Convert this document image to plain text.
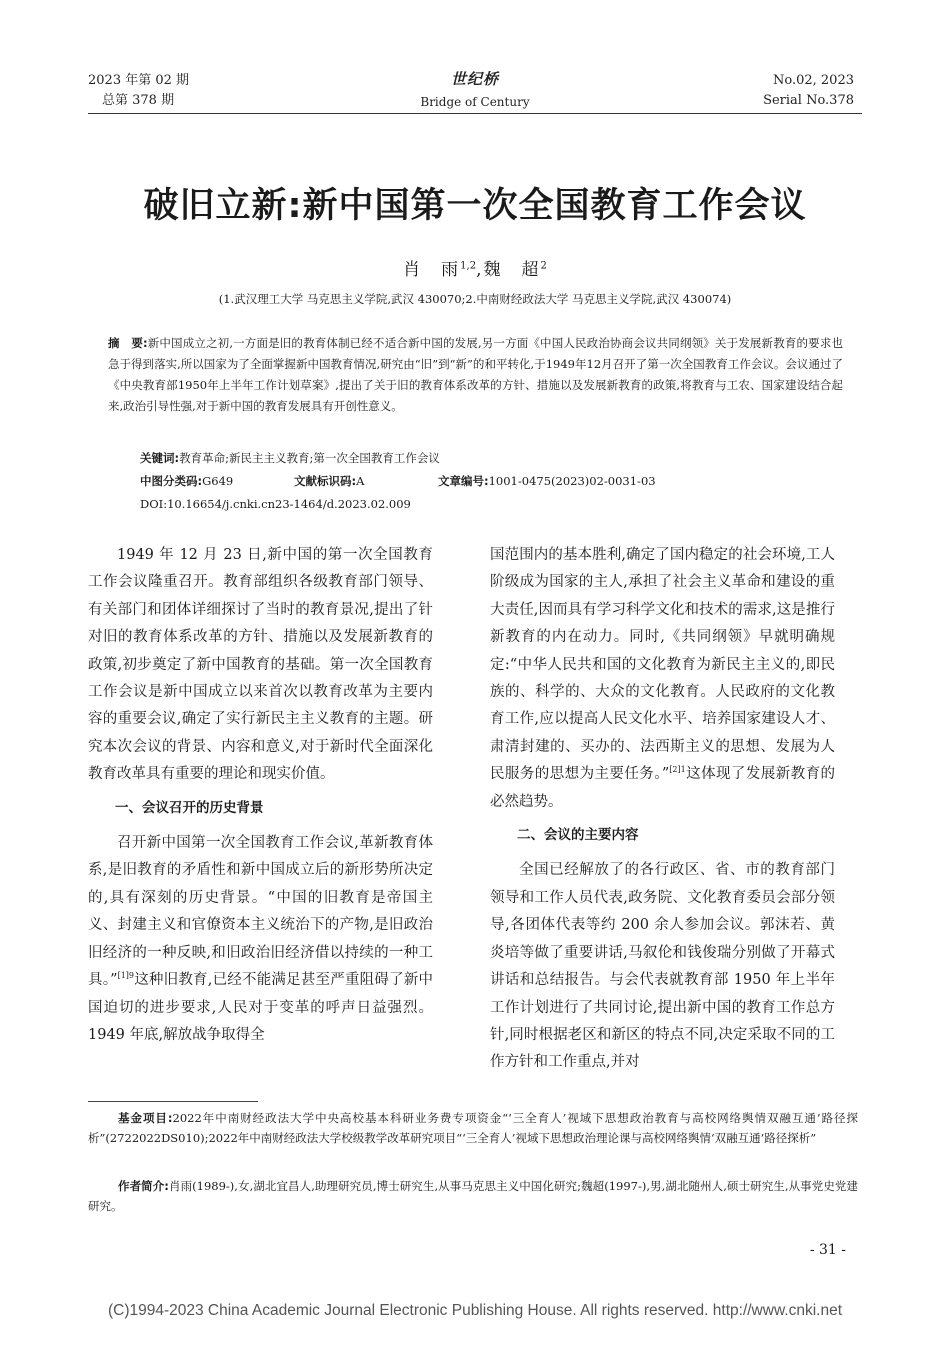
2023 年第 02 期
总第 378 期
世纪桥
Bridge of Century
No.02, 2023
Serial No.378
破旧立新:新中国第一次全国教育工作会议
肖　雨$^{1,2}$,魏　超$^2$
(1.武汉理工大学 马克思主义学院,武汉 430070;2.中南财经政法大学 马克思主义学院,武汉 430074)
摘　要:新中国成立之初,一方面是旧的教育体制已经不适合新中国的发展,另一方面《中国人民政治协商会议共同纲领》关于发展新教育的要求也急于得到落实,所以国家为了全面掌握新中国教育情况,研究由“旧”到“新”的和平转化,于1949年12月召开了第一次全国教育工作会议。会议通过了《中央教育部1950年上半年工作计划草案》,提出了关于旧的教育体系改革的方针、措施以及发展新教育的政策,将教育与工农、国家建设结合起来,政治引导性强,对于新中国的教育发展具有开创性意义。
关键词:教育革命;新民主主义教育;第一次全国教育工作会议
中图分类码:G649	文献标识码:A	文章编号:1001-0475(2023)02-0031-03
DOI:10.16654/j.cnki.cn23-1464/d.2023.02.009

1949 年 12 月 23 日,新中国的第一次全国教育工作会议隆重召开。教育部组织各级教育部门领导、有关部门和团体详细探讨了当时的教育景况,提出了针对旧的教育体系改革的方针、措施以及发展新教育的政策,初步奠定了新中国教育的基础。第一次全国教育工作会议是新中国成立以来首次以教育改革为主要内容的重要会议,确定了实行新民主主义教育的主题。研究本次会议的背景、内容和意义,对于新时代全面深化教育改革具有重要的理论和现实价值。

一、会议召开的历史背景

召开新中国第一次全国教育工作会议,革新教育体系,是旧教育的矛盾性和新中国成立后的新形势所决定的,具有深刻的历史背景。“中国的旧教育是帝国主义、封建主义和官僚资本主义统治下的产物,是旧政治旧经济的一种反映,和旧政治旧经济借以持续的一种工具。”$^{[1]9}$这种旧教育,已经不能满足甚至严重阻碍了新中国迫切的进步要求,人民对于变革的呼声日益强烈。1949 年底,解放战争取得全

国范围内的基本胜利,确定了国内稳定的社会环境,工人阶级成为国家的主人,承担了社会主义革命和建设的重大责任,因而具有学习科学文化和技术的需求,这是推行新教育的内在动力。同时,《共同纲领》早就明确规定:“中华人民共和国的文化教育为新民主主义的,即民族的、科学的、大众的文化教育。人民政府的文化教育工作,应以提高人民文化水平、培养国家建设人才、肃清封建的、买办的、法西斯主义的思想、发展为人民服务的思想为主要任务。”$^{[2]1}$这体现了发展新教育的必然趋势。

二、会议的主要内容

全国已经解放了的各行政区、省、市的教育部门领导和工作人员代表,政务院、文化教育委员会部分领导,各团体代表等约 200 余人参加会议。郭沫若、黄炎培等做了重要讲话,马叙伦和钱俊瑞分别做了开幕式讲话和总结报告。与会代表就教育部 1950 年上半年工作计划进行了共同讨论,提出新中国的教育工作总方针,同时根据老区和新区的特点不同,决定采取不同的工作方针和工作重点,并对

基金项目:2022年中南财经政法大学中央高校基本科研业务费专项资金“‘三全育人’视域下思想政治教育与高校网络舆情双融互通’路径探析”(2722022DS010);2022年中南财经政法大学校级教学改革研究项目“‘三全育人’视域下思想政治理论课与高校网络舆情‘双融互通’路径探析”
作者简介:肖雨(1989-),女,湖北宜昌人,助理研究员,博士研究生,从事马克思主义中国化研究;魏超(1997-),男,湖北随州人,硕士研究生,从事党史党建研究。
- 31 -
(C)1994-2023 China Academic Journal Electronic Publishing House. All rights reserved. http://www.cnki.net
